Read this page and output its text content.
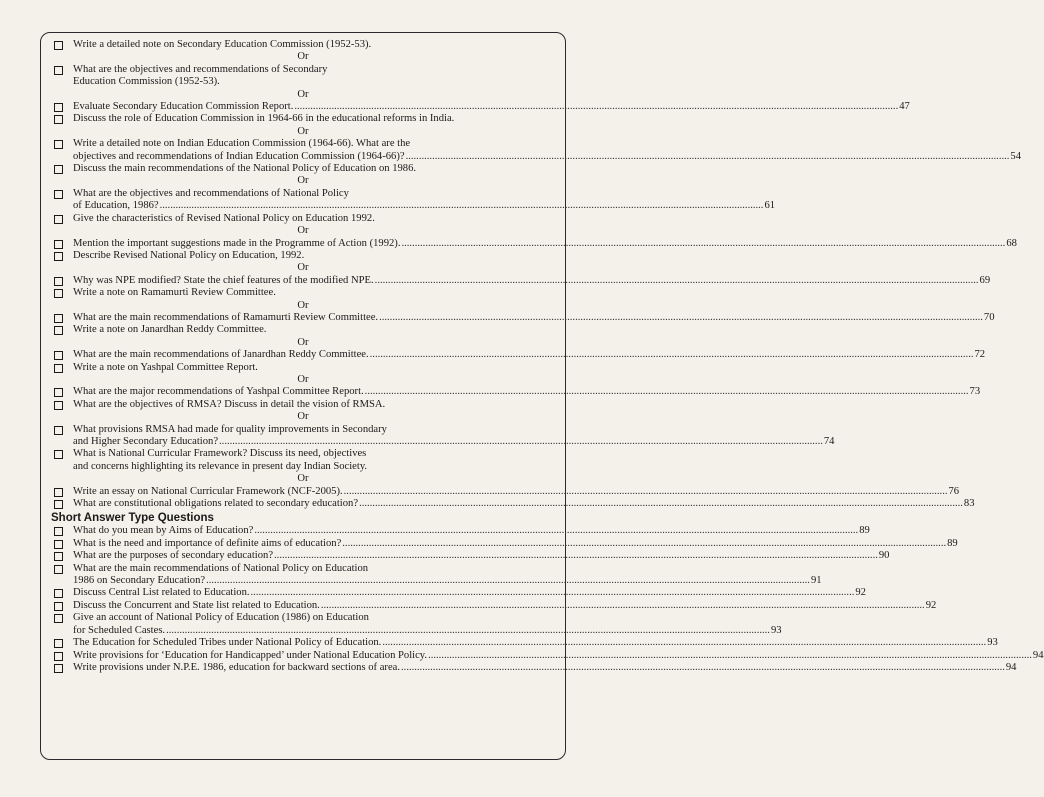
Write a detailed note on Secondary Education Commission (1952-53).
Or
What are the objectives and recommendations of Secondary
Education Commission (1952-53).
Or
Evaluate Secondary Education Commission Report. .....	47
Discuss the role of Education Commission in 1964-66 in the educational reforms in India.
Or
Write a detailed note on Indian Education Commission (1964-66). What are the
objectives and recommendations of Indian Education Commission (1964-66)? .....	54
Discuss the main recommendations of the National Policy of Education on 1986.
Or
What are the objectives and recommendations of National Policy
of Education, 1986? .....	61
Give the characteristics of Revised National Policy on Education 1992.
Or
Mention the important suggestions made in the Programme of Action (1992). .....	68
Describe Revised National Policy on Education, 1992.
Or
Why was NPE modified? State the chief features of the modified NPE. .....	69
Write a note on Ramamurti Review Committee.
Or
What are the main recommendations of Ramamurti Review Committee. .....	70
Write a note on Janardhan Reddy Committee.
Or
What are the main recommendations of Janardhan Reddy Committee. .....	72
Write a note on Yashpal Committee Report.
Or
What are the major recommendations of Yashpal Committee Report. .....	73
What are the objectives of RMSA? Discuss in detail the vision of RMSA.
Or
What provisions RMSA had made for quality improvements in Secondary
and Higher Secondary Education? .....	74
What is National Curricular Framework? Discuss its need, objectives
and concerns highlighting its relevance in present day Indian Society.
Or
Write an essay on National Curricular Framework (NCF-2005). .....	76
What are constitutional obligations related to secondary education? .....	83
Short Answer Type Questions
What do you mean by Aims of Education? .....	89
What is the need and importance of definite aims of education? .....	89
What are the purposes of secondary education? .....	90
What are the main recommendations of National Policy on Education
1986 on Secondary Education? .....	91
Discuss Central List related to Education. .....	92
Discuss the Concurrent and State list related to Education. .....	92
Give an account of National Policy of Education (1986) on Education
for Scheduled Castes. .....	93
The Education for Scheduled Tribes under National Policy of Education. .....	93
Write provisions for ‘Education for Handicapped’ under National Education Policy. .....	94
Write provisions under N.P.E. 1986, education for backward sections of area. .....	94
